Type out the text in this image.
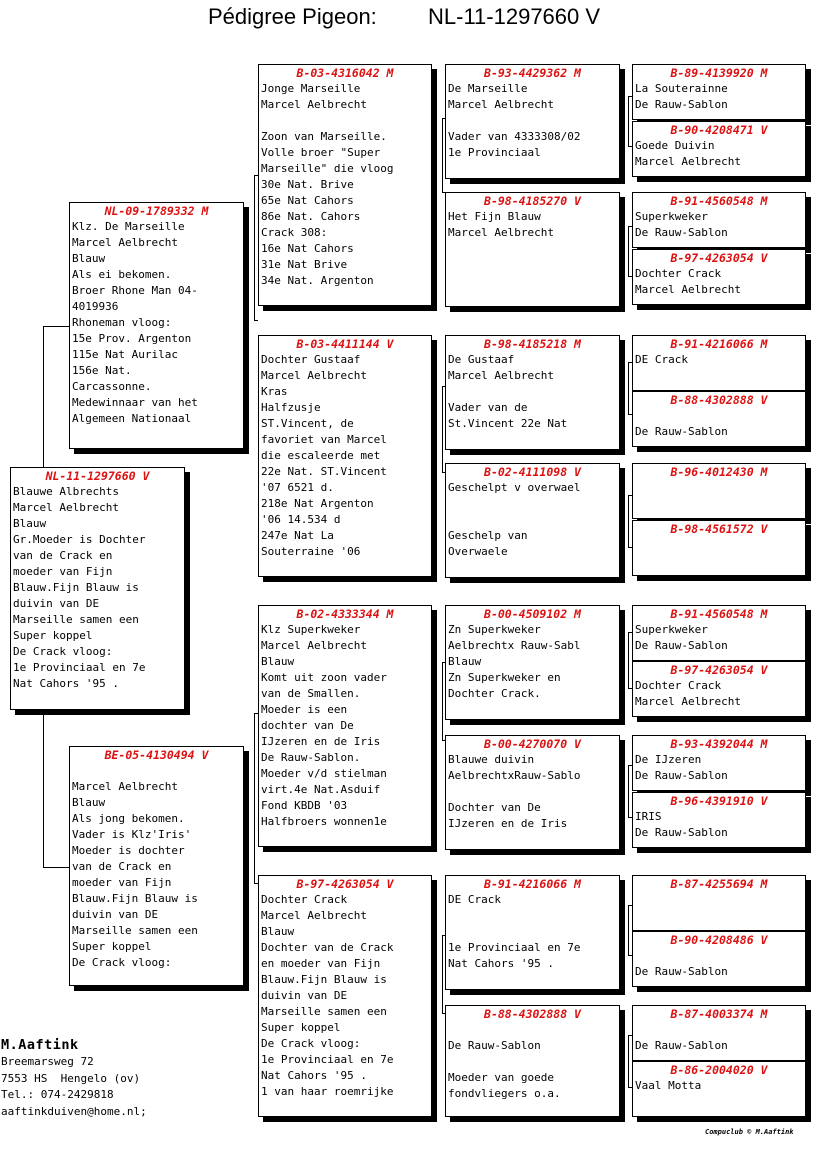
Pédigree Pigeon: NL-11-1297660 V
NL-11-1297660 V
Blauwe Albrechts
Marcel Aelbrecht
Blauw
Gr.Moeder is Dochter
van de Crack en
moeder van Fijn
Blauw.Fijn Blauw is
duivin van DE
Marseille samen een
Super koppel
De Crack vloog:
1e Provinciaal en 7e
Nat Cahors '95 .
NL-09-1789332 M
Klz. De Marseille
Marcel Aelbrecht
Blauw
Als ei bekomen.
Broer Rhone Man 04-
4019936
Rhoneman vloog:
15e Prov. Argenton
115e Nat Aurilac
156e Nat.
Carcassonne.
Medewinnaar van het
Algemeen Nationaal
BE-05-4130494 V

Marcel Aelbrecht
Blauw
Als jong bekomen.
Vader is Klz'Iris'
Moeder is dochter
van de Crack en
moeder van Fijn
Blauw.Fijn Blauw is
duivin van DE
Marseille samen een
Super koppel
De Crack vloog:
B-03-4316042 M
Jonge Marseille
Marcel Aelbrecht

Zoon van Marseille.
Volle broer "Super
Marseille" die vloog
30e Nat. Brive
65e Nat Cahors
86e Nat. Cahors
Crack 308:
16e Nat Cahors
31e Nat Brive
34e Nat. Argenton
B-03-4411144 V
Dochter Gustaaf
Marcel Aelbrecht
Kras
Halfzusje
ST.Vincent, de
favoriet van Marcel
die escaleerde met
22e Nat. ST.Vincent
'07 6521 d.
218e Nat Argenton
'06 14.534 d
247e Nat La
Souterraine '06
B-02-4333344 M
Klz Superkweker
Marcel Aelbrecht
Blauw
Komt uit zoon vader
van de Smallen.
Moeder is een
dochter van De
IJzeren en de Iris
De Rauw-Sablon.
Moeder v/d stielman
virt.4e Nat.Asduif
Fond KBDB '03
Halfbroers wonnen1e
B-97-4263054 V
Dochter Crack
Marcel Aelbrecht
Blauw
Dochter van de Crack
en moeder van Fijn
Blauw.Fijn Blauw is
duivin van DE
Marseille samen een
Super koppel
De Crack vloog:
1e Provinciaal en 7e
Nat Cahors '95 .
1 van haar roemrijke
B-93-4429362 M
De Marseille
Marcel Aelbrecht

Vader van 4333308/02
1e Provinciaal
B-98-4185270 V
Het Fijn Blauw
Marcel Aelbrecht
B-98-4185218 M
De Gustaaf
Marcel Aelbrecht

Vader van de
St.Vincent 22e Nat
B-02-4111098 V
Geschelpt v overwael

Geschelp van
Overwaele
B-00-4509102 M
Zn Superkweker
Aelbrechtx Rauw-Sabl
Blauw
Zn Superkweker en
Dochter Crack.
B-00-4270070 V
Blauwe duivin
AelbrechtxRauw-Sablo

Dochter van De
IJzeren en de Iris
B-91-4216066 M
DE Crack

1e Provinciaal en 7e
Nat Cahors '95 .
B-88-4302888 V

De Rauw-Sablon

Moeder van goede
fondvliegers o.a.
B-89-4139920 M
La Souterainne
De Rauw-Sablon
B-90-4208471 V
Goede Duivin
Marcel Aelbrecht
B-91-4560548 M
Superkweker
De Rauw-Sablon
B-97-4263054 V
Dochter Crack
Marcel Aelbrecht
B-91-4216066 M
DE Crack
B-88-4302888 V

De Rauw-Sablon
B-96-4012430 M
B-98-4561572 V
B-91-4560548 M
Superkweker
De Rauw-Sablon
B-97-4263054 V
Dochter Crack
Marcel Aelbrecht
B-93-4392044 M
De IJzeren
De Rauw-Sablon
B-96-4391910 V
IRIS
De Rauw-Sablon
B-87-4255694 M
B-90-4208486 V

De Rauw-Sablon
B-87-4003374 M

De Rauw-Sablon
B-86-2004020 V
Vaal Motta
M.Aaftink
Breemarsweg 72
7553 HS  Hengelo (ov)
Tel.: 074-2429818
aaftinkduiven@home.nl;
Compuclub © M.Aaftink
